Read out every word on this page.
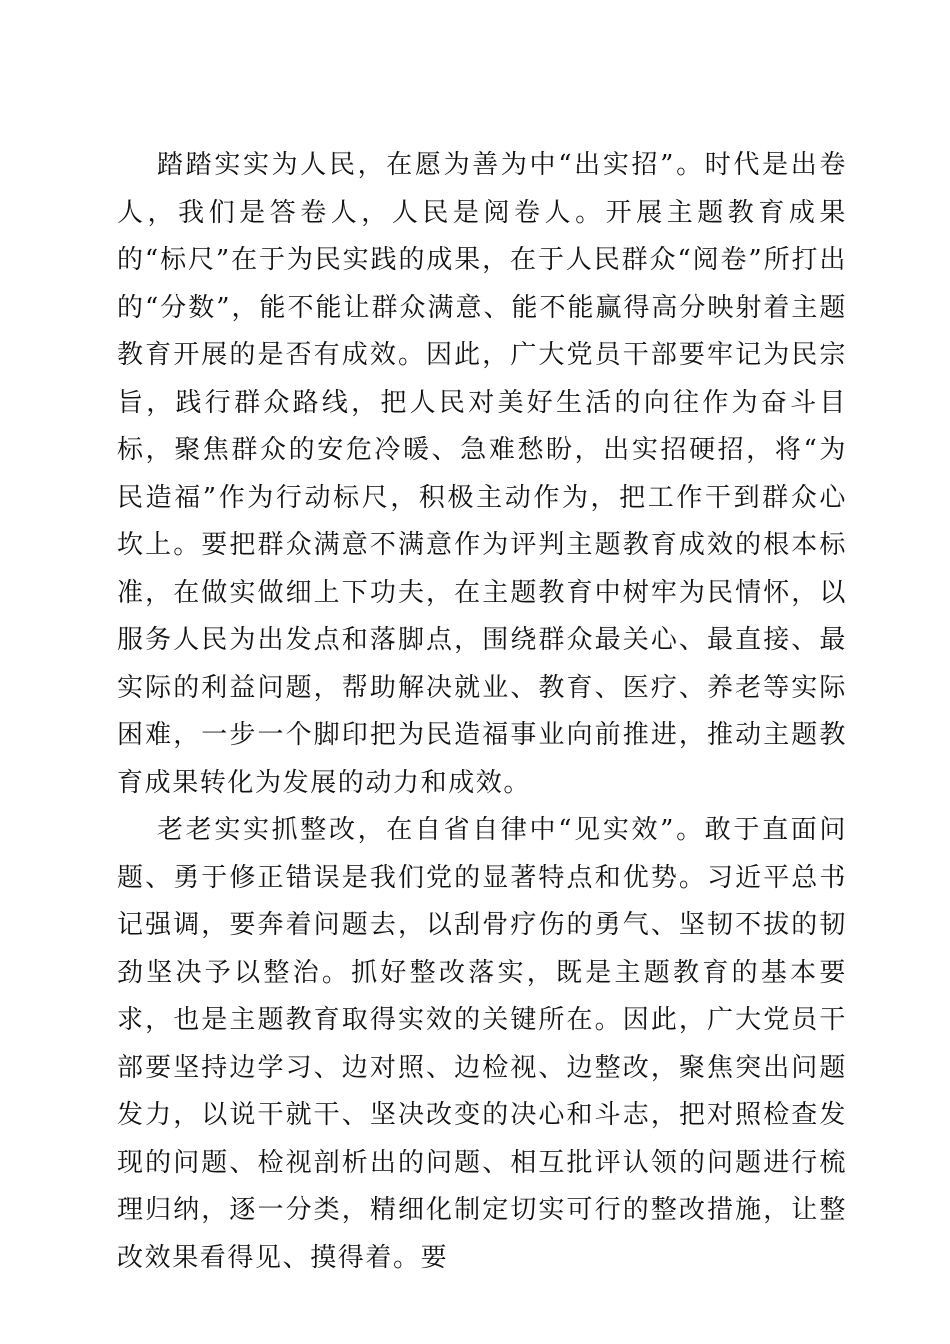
踏踏实实为人民，在愿为善为中“出实招”。时代是出卷人，我们是答卷人，人民是阅卷人。开展主题教育成果的“标尺”在于为民实践的成果，在于人民群众“阅卷”所打出的“分数”，能不能让群众满意、能不能赢得高分映射着主题教育开展的是否有成效。因此，广大党员干部要牢记为民宗旨，践行群众路线，把人民对美好生活的向往作为奋斗目标，聚焦群众的安危冷暖、急难愁盼，出实招硬招，将“为民造福”作为行动标尺，积极主动作为，把工作干到群众心坎上。要把群众满意不满意作为评判主题教育成效的根本标准，在做实做细上下功夫，在主题教育中树牢为民情怀，以服务人民为出发点和落脚点，围绕群众最关心、最直接、最实际的利益问题，帮助解决就业、教育、医疗、养老等实际困难，一步一个脚印把为民造福事业向前推进，推动主题教育成果转化为发展的动力和成效。

老老实实抓整改，在自省自律中“见实效”。敢于直面问题、勇于修正错误是我们党的显著特点和优势。习近平总书记强调，要奔着问题去，以刮骨疗伤的勇气、坚韧不拔的韧劲坚决予以整治。抓好整改落实，既是主题教育的基本要求，也是主题教育取得实效的关键所在。因此，广大党员干部要坚持边学习、边对照、边检视、边整改，聚焦突出问题发力，以说干就干、坚决改变的决心和斗志，把对照检查发现的问题、检视剖析出的问题、相互批评认领的问题进行梳理归纳，逐一分类，精细化制定切实可行的整改措施，让整改效果看得见、摸得着。要
